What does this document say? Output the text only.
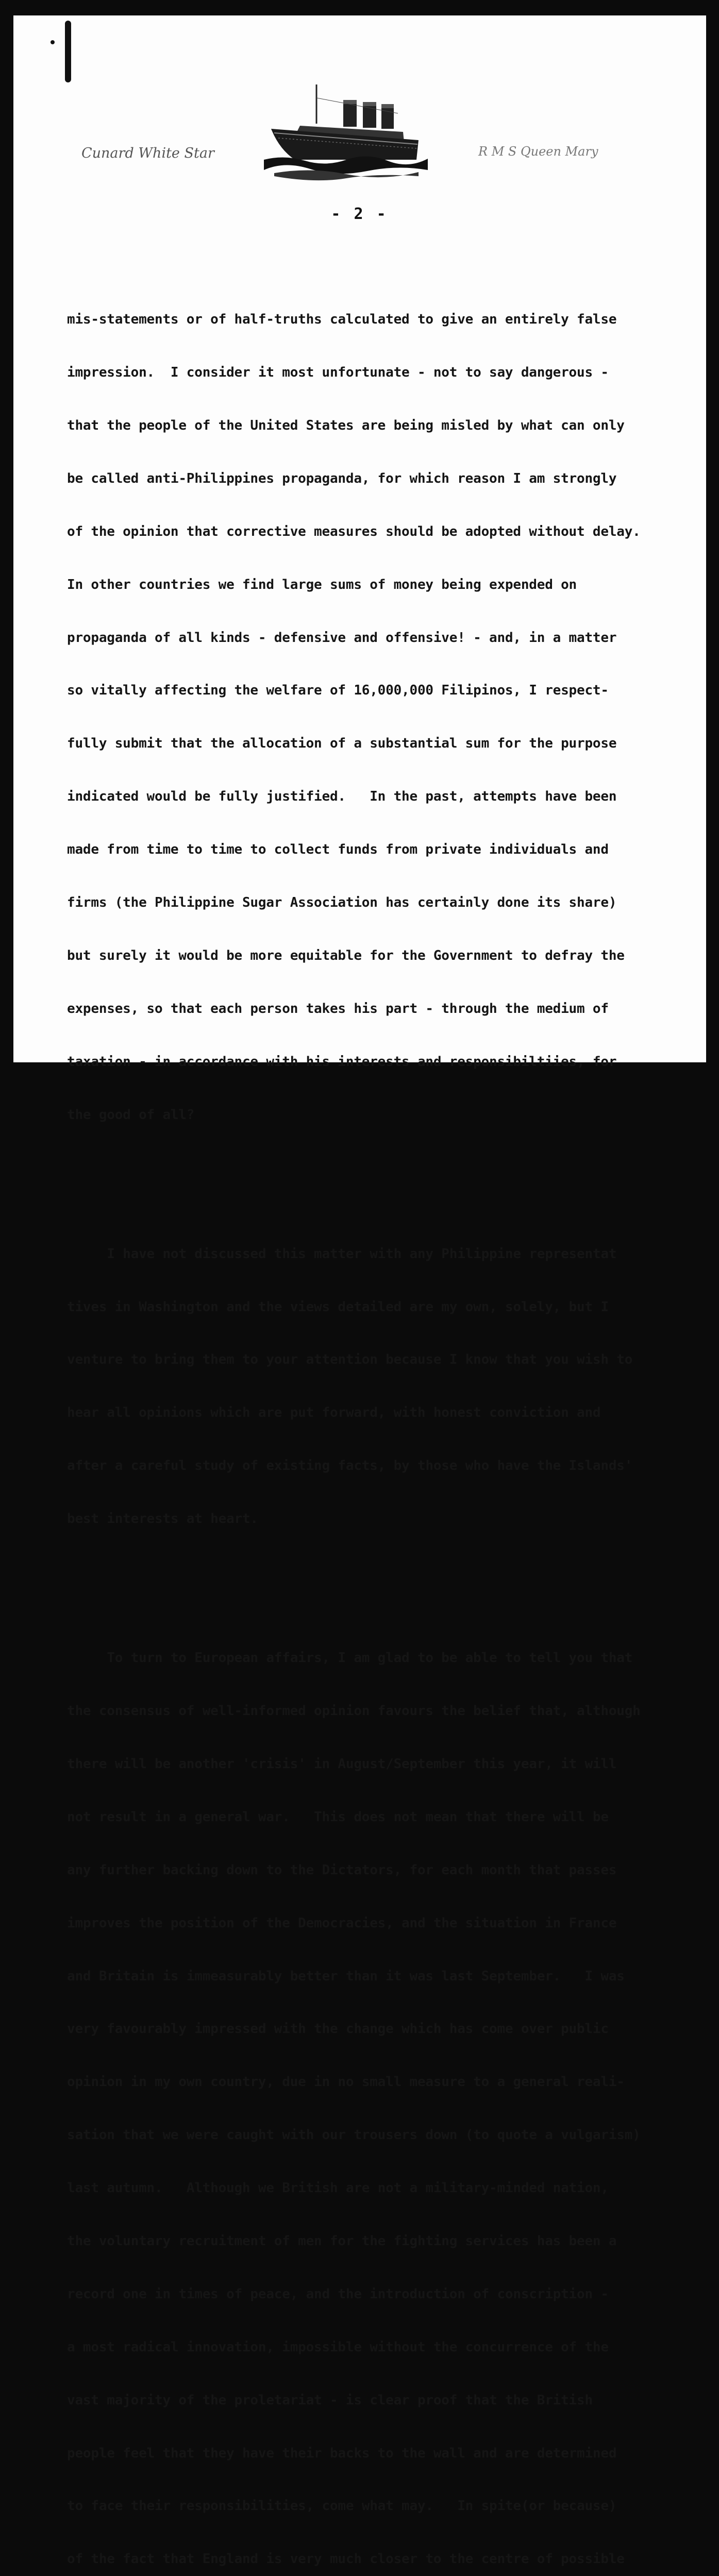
Cunard White Star	R M S Queen Mary
- 2 -

mis-statements or of half-truths calculated to give an entirely false

impression.  I consider it most unfortunate - not to say dangerous -

that the people of the United States are being misled by what can only

be called anti-Philippines propaganda, for which reason I am strongly

of the opinion that corrective measures should be adopted without delay.

In other countries we find large sums of money being expended on

propaganda of all kinds - defensive and offensive! - and, in a matter

so vitally affecting the welfare of 16,000,000 Filipinos, I respect-

fully submit that the allocation of a substantial sum for the purpose

indicated would be fully justified.   In the past, attempts have been

made from time to time to collect funds from private individuals and

firms (the Philippine Sugar Association has certainly done its share)

but surely it would be more equitable for the Government to defray the

expenses, so that each person takes his part - through the medium of

taxation - in accordance with his interests and responsibiltiies, for

the good of all?

I have not discussed this matter with any Philippine representat

tives in Washington and the views detailed are my own, solely, but I

venture to bring them to your attention because I know that you wish to

hear all opinions which are put forward, with honest conviction and

after a careful study of existing facts, by those who have the Islands'

best interests at heart.

To turn to European affairs, I am glad to be able to tell you that

the consensus of well-informed opinion favours the belief that, although

there will be another 'crisis' in August/September this year, it will

not result in a general war.   This does not mean that there will be

any further backing down to the Dictators, for each month that passes

improves the position of the Democracies, and the situation in France

and Britain is immeasurably better than it was last September.   I was

very favourably impressed with the change which has come over public

opinion in my own country, due in no small measure to a general reali-

sation that we were caught with our trousers down (to quote a vulgarism)

last autumn.   Although we British are not a military-minded nation,

the voluntary recruitment of men for the fighting services has been a

record one in times of peace, and the introduction of conscription -

a most radical innovation, impossible without the concurrence of the

vast majority of the proletariat - is clear proof that the British

people feel that they have their backs to the wall and are determined

to face their responsibilities, come what may.   In spite(or because)

of the fact that England is very much closer to the centre of possible
